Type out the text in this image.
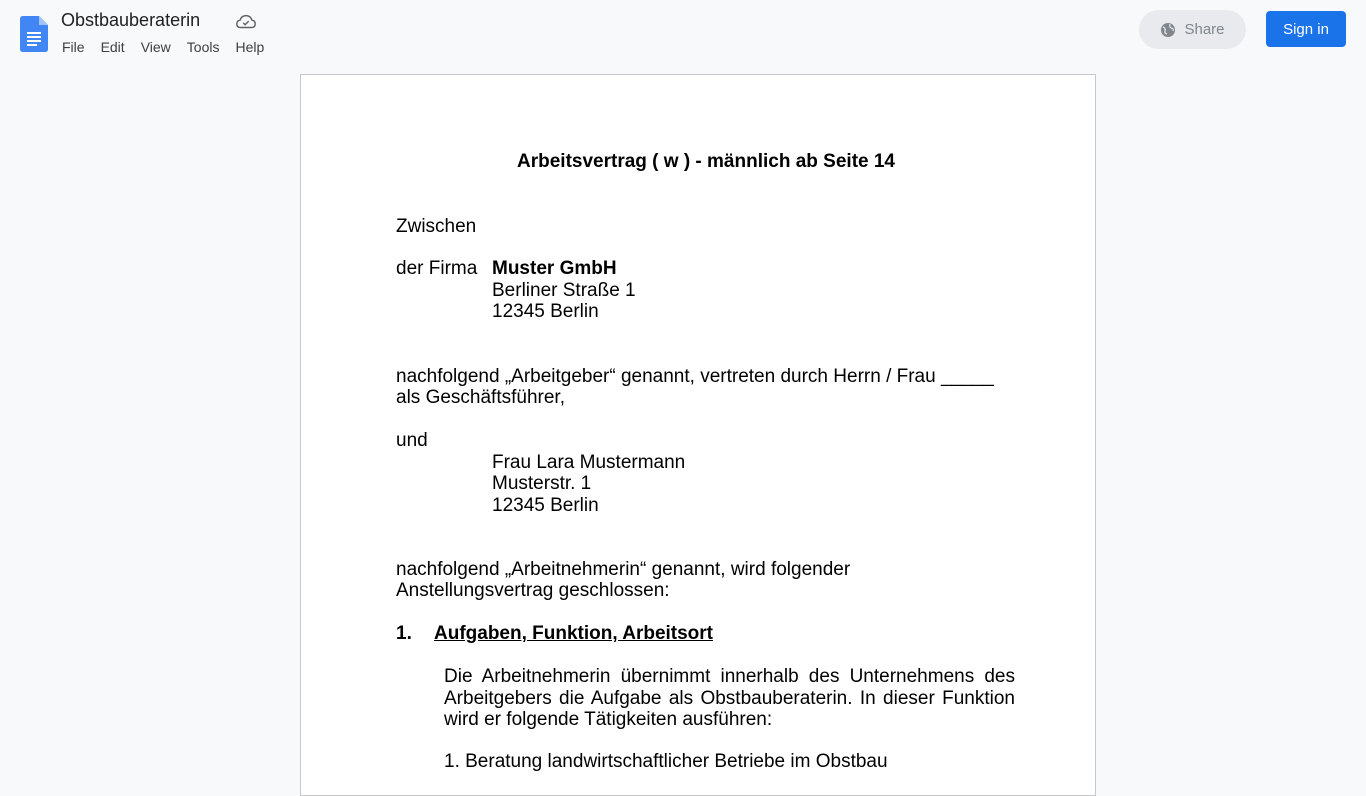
Obstbauberaterin
File	Edit	View	Tools	Help
Share	Sign in
Arbeitsvertrag ( w ) - männlich ab Seite 14
Zwischen
der Firma Muster GmbH
Berliner Straße 1
12345 Berlin
nachfolgend „Arbeitgeber“ genannt, vertreten durch Herrn / Frau _____
als Geschäftsführer,
und
Frau Lara Mustermann
Musterstr. 1
12345 Berlin
nachfolgend „Arbeitnehmerin“ genannt, wird folgender
Anstellungsvertrag geschlossen:
1. Aufgaben, Funktion, Arbeitsort
Die Arbeitnehmerin übernimmt innerhalb des Unternehmens des Arbeitgebers die Aufgabe als Obstbauberaterin. In dieser Funktion wird er folgende Tätigkeiten ausführen:
1. Beratung landwirtschaftlicher Betriebe im Obstbau
